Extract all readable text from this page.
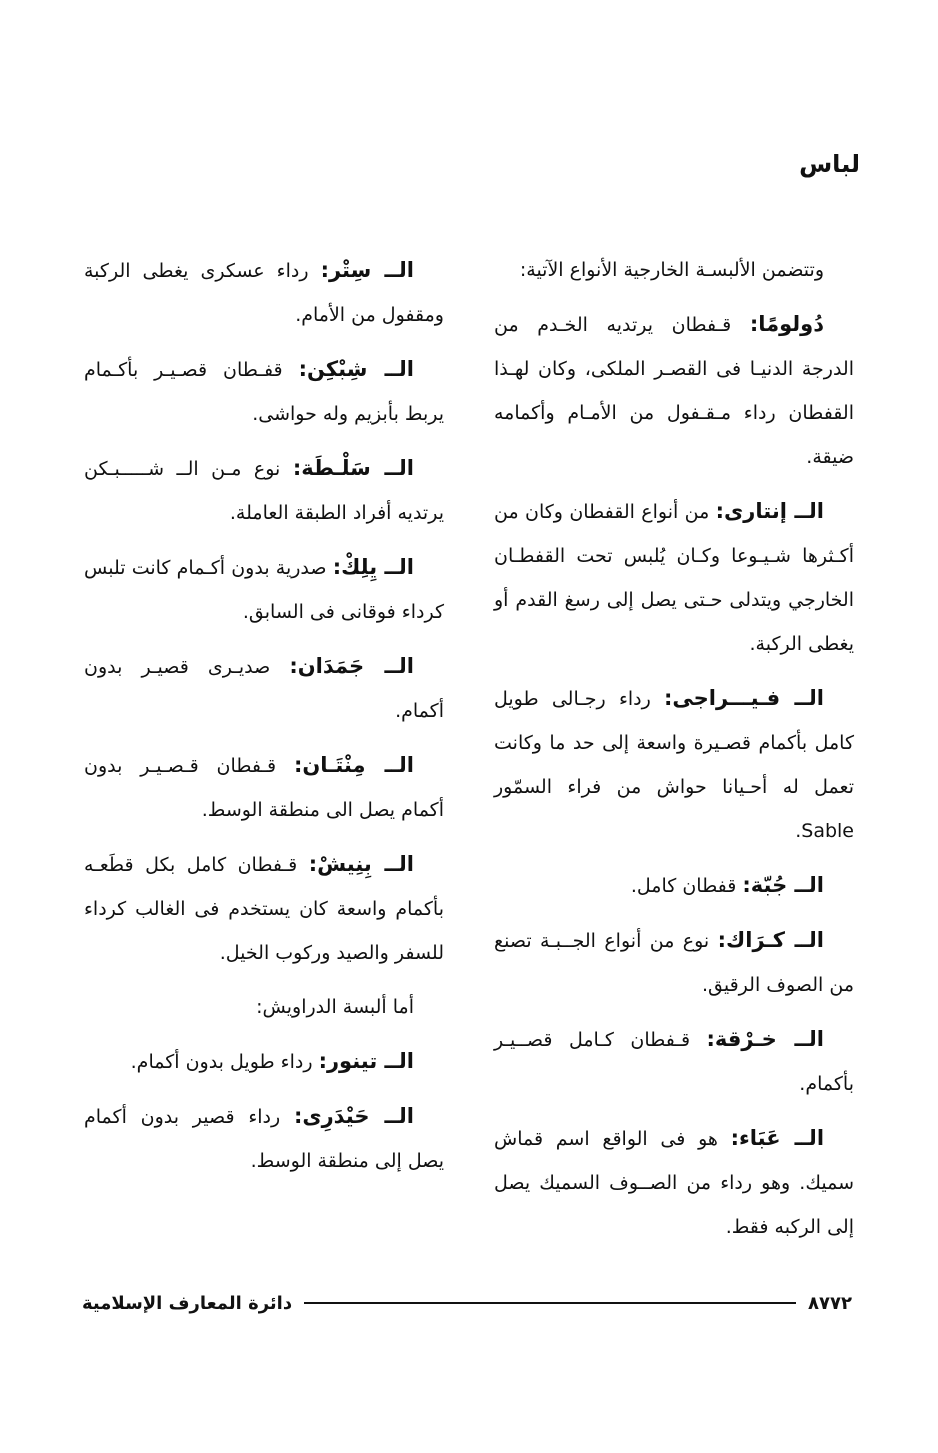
لباس

وتتضمن الألبسـة الخارجية الأنواع الآتية:

دُولومًا: قـفطان يرتديه الخـدم من الدرجة الدنيـا فى القصـر الملكى، وكان لهـذا القفطان رداء مـقـفول من الأمـام وأكمامه ضيقة.

الــ إنتارى: من أنواع القفطان وكان من أكـثرها شـيـوعا وكـان يُلبس تحت القفطـان الخارجي ويتدلى حـتى يصل إلى رسغ القدم أو يغطى الركبة.

الــ فـيـــراجى: رداء رجـالى طويل كامل بأكمام قصـيرة واسعة إلى حد ما وكانت تعمل له أحـيانا حواش من فراء السمّور Sable.

الــ جُبّة: قفطان كامل.

الــ كـرَاك: نوع من أنواع الجــبـة تصنع من الصوف الرقيق.

الــ خـرْقة: قـفطان كـامل قصــيـر بأكمام.

الــ عَبَاء: هو فى الواقع اسم قماش سميك. وهو رداء من الصــوف السميك يصل إلى الركبه فقط.

الــ سِتْر: رداء عسكرى يغطى الركبة ومقفول من الأمام.

الــ شِبْكِن: قفـطان قصـيـر بأكـمام يربط بأبزيم وله حواشى.

الــ سَلْـطَة: نوع مـن الــ شـــــبـكن يرتديه أفراد الطبقة العاملة.

الــ يِلِكْ: صدرية بدون أكـمام كانت تلبس كرداء فوقانى فى السابق.

الــ جَمَدَان: صديـرى قصيـر بدون أكمام.

الــ مِنْتَـان: قـفطان قـصـيـر بدون أكمام يصل الى منطقة الوسط.

الــ بِنِيشْ: قـفطان كامل بكل قطَعـه بأكمام واسعة كان يستخدم فى الغالب كرداء للسفر والصيد وركوب الخيل.

أما ألبسة الدراويش:

الــ تينور: رداء طويل بدون أكمام.

الــ حَيْدَرِى: رداء قصير بدون أكمام يصل إلى منطقة الوسط.

٨٧٧٢
دائرة المعارف الإسلامية
